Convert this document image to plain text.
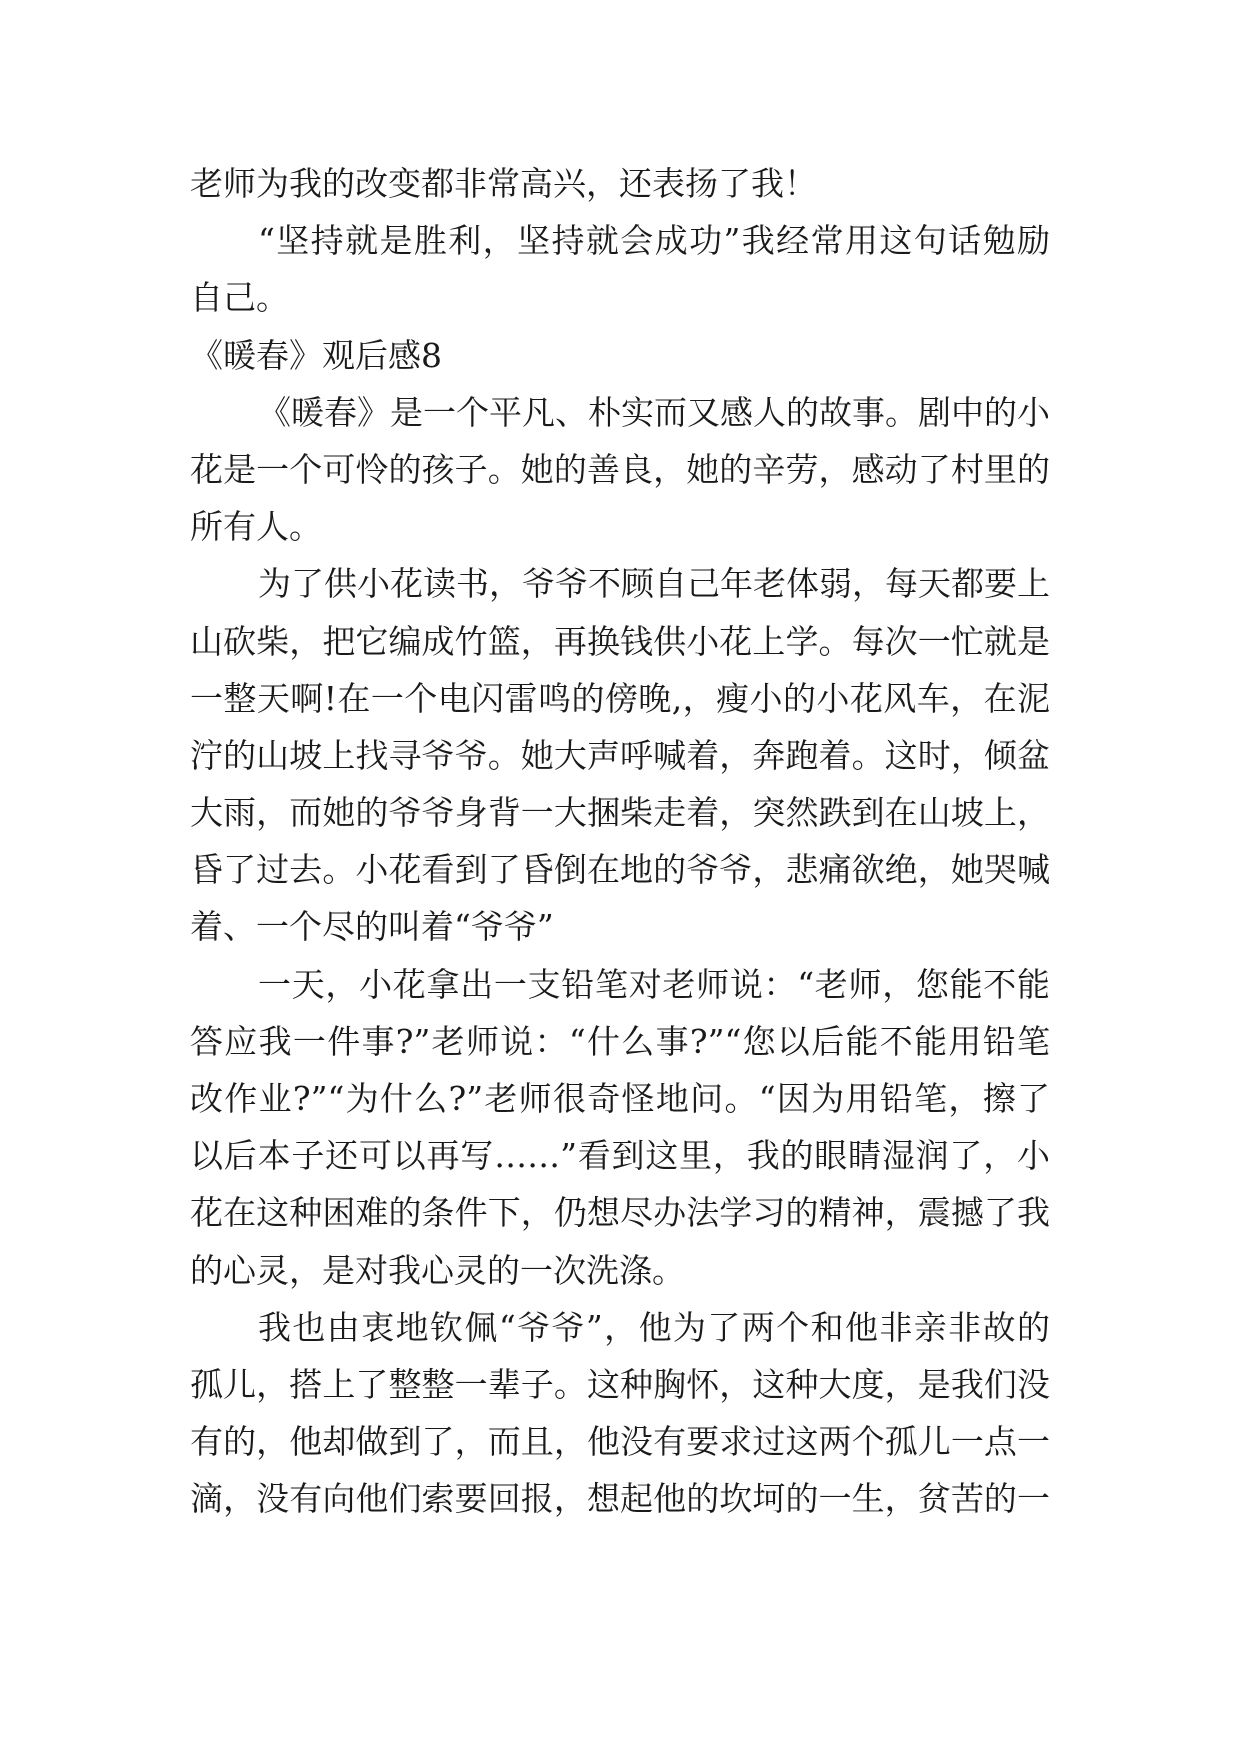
老师为我的改变都非常高兴，还表扬了我！
“坚持就是胜利，坚持就会成功”我经常用这句话勉励
自己。
《暖春》观后感8
《暖春》是一个平凡、朴实而又感人的故事。剧中的小
花是一个可怜的孩子。她的善良，她的辛劳，感动了村里的
所有人。
为了供小花读书，爷爷不顾自己年老体弱，每天都要上
山砍柴，把它编成竹篮，再换钱供小花上学。每次一忙就是
一整天啊!在一个电闪雷鸣的傍晚,，瘦小的小花风车，在泥
泞的山坡上找寻爷爷。她大声呼喊着，奔跑着。这时，倾盆
大雨，而她的爷爷身背一大捆柴走着，突然跌到在山坡上，
昏了过去。小花看到了昏倒在地的爷爷，悲痛欲绝，她哭喊
着、一个尽的叫着“爷爷”
一天，小花拿出一支铅笔对老师说：“老师，您能不能
答应我一件事?”老师说：“什么事?”“您以后能不能用铅笔
改作业?”“为什么?”老师很奇怪地问。“因为用铅笔，擦了
以后本子还可以再写……”看到这里，我的眼睛湿润了，小
花在这种困难的条件下，仍想尽办法学习的精神，震撼了我
的心灵，是对我心灵的一次洗涤。
我也由衷地钦佩“爷爷”，他为了两个和他非亲非故的
孤儿，搭上了整整一辈子。这种胸怀，这种大度，是我们没
有的，他却做到了，而且，他没有要求过这两个孤儿一点一
滴，没有向他们索要回报，想起他的坎坷的一生，贫苦的一
